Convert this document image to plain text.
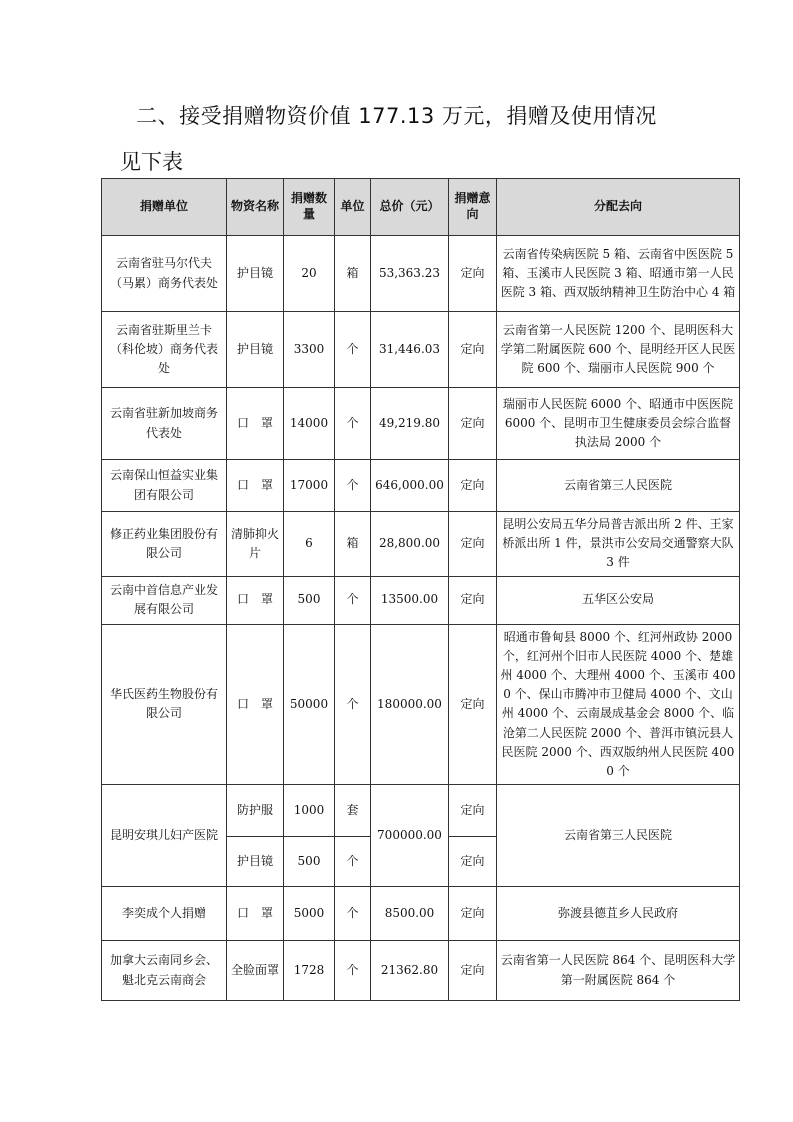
二、接受捐赠物资价值 177.13 万元，捐赠及使用情况
见下表
捐赠单位	物资名称	捐赠数量	单位	总价（元）	捐赠意向	分配去向
云南省驻马尔代夫（马累）商务代表处	护目镜	20	箱	53,363.23	定向	云南省传染病医院 5 箱、云南省中医医院 5 箱、玉溪市人民医院 3 箱、昭通市第一人民医院 3 箱、西双版纳精神卫生防治中心 4 箱
云南省驻斯里兰卡（科伦坡）商务代表处	护目镜	3300	个	31,446.03	定向	云南省第一人民医院 1200 个、昆明医科大学第二附属医院 600 个、昆明经开区人民医院 600 个、瑞丽市人民医院 900 个
云南省驻新加坡商务代表处	口　罩	14000	个	49,219.80	定向	瑞丽市人民医院 6000 个、昭通市中医医院 6000 个、昆明市卫生健康委员会综合监督执法局 2000 个
云南保山恒益实业集团有限公司	口　罩	17000	个	646,000.00	定向	云南省第三人民医院
修正药业集团股份有限公司	清肺抑火片	6	箱	28,800.00	定向	昆明公安局五华分局普吉派出所 2 件、王家桥派出所 1 件，景洪市公安局交通警察大队 3 件
云南中首信息产业发展有限公司	口　罩	500	个	13500.00	定向	五华区公安局
华氏医药生物股份有限公司	口　罩	50000	个	180000.00	定向	昭通市鲁甸县 8000 个、红河州政协 2000 个，红河州个旧市人民医院 4000 个、楚雄州 4000 个、大理州 4000 个、玉溪市 4000 个、保山市腾冲市卫健局 4000 个、文山州 4000 个、云南晟成基金会 8000 个、临沧第二人民医院 2000 个、普洱市镇沅县人民医院 2000 个、西双版纳州人民医院 4000 个
昆明安琪儿妇产医院	防护服	1000	套	700000.00	定向	云南省第三人民医院
	护目镜	500	个		定向	
李奕成个人捐赠	口　罩	5000	个	8500.00	定向	弥渡县德苴乡人民政府
加拿大云南同乡会、魁北克云南商会	全脸面罩	1728	个	21362.80	定向	云南省第一人民医院 864 个、昆明医科大学第一附属医院 864 个
